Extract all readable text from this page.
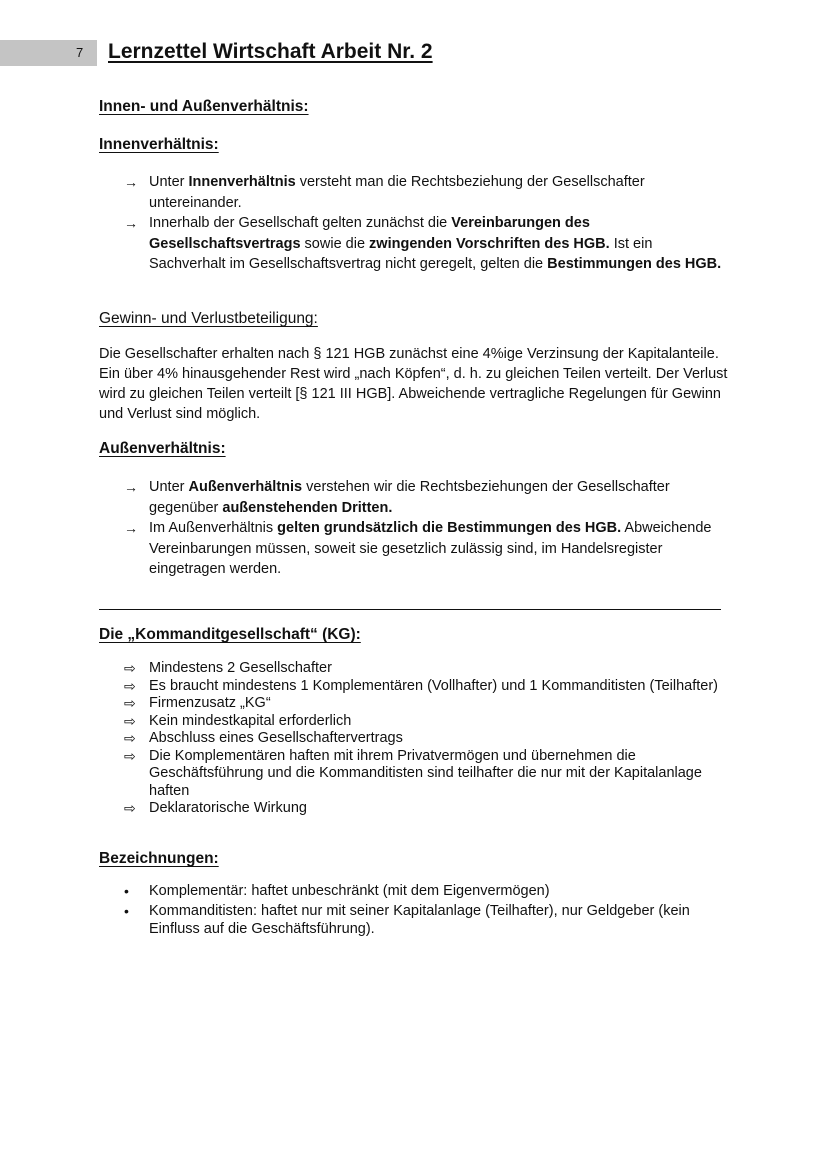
7 Lernzettel Wirtschaft Arbeit Nr. 2
Innen- und Außenverhältnis:
Innenverhältnis:
→ Unter Innenverhältnis versteht man die Rechtsbeziehung der Gesellschafter untereinander.
→ Innerhalb der Gesellschaft gelten zunächst die Vereinbarungen des Gesellschaftsvertrags sowie die zwingenden Vorschriften des HGB. Ist ein Sachverhalt im Gesellschaftsvertrag nicht geregelt, gelten die Bestimmungen des HGB.
Gewinn- und Verlustbeteiligung:

Die Gesellschafter erhalten nach § 121 HGB zunächst eine 4%ige Verzinsung der Kapitalanteile. Ein über 4% hinausgehender Rest wird „nach Köpfen“, d. h. zu gleichen Teilen verteilt. Der Verlust wird zu gleichen Teilen verteilt [§ 121 III HGB]. Abweichende vertragliche Regelungen für Gewinn und Verlust sind möglich.

Außenverhältnis:
→ Unter Außenverhältnis verstehen wir die Rechtsbeziehungen der Gesellschafter gegenüber außenstehenden Dritten.
→ Im Außenverhältnis gelten grundsätzlich die Bestimmungen des HGB. Abweichende Vereinbarungen müssen, soweit sie gesetzlich zulässig sind, im Handelsregister eingetragen werden.
Die „Kommanditgesellschaft“ (KG):
⇨ Mindestens 2 Gesellschafter
⇨ Es braucht mindestens 1 Komplementären (Vollhafter) und 1 Kommanditisten (Teilhafter)
⇨ Firmenzusatz „KG“
⇨ Kein mindestkapital erforderlich
⇨ Abschluss eines Gesellschaftervertrags
⇨ Die Komplementären haften mit ihrem Privatvermögen und übernehmen die Geschäftsführung und die Kommanditisten sind teilhafter die nur mit der Kapitalanlage haften
⇨ Deklaratorische Wirkung
Bezeichnungen:
• Komplementär: haftet unbeschränkt (mit dem Eigenvermögen)
• Kommanditisten: haftet nur mit seiner Kapitalanlage (Teilhafter), nur Geldgeber (kein Einfluss auf die Geschäftsführung).
